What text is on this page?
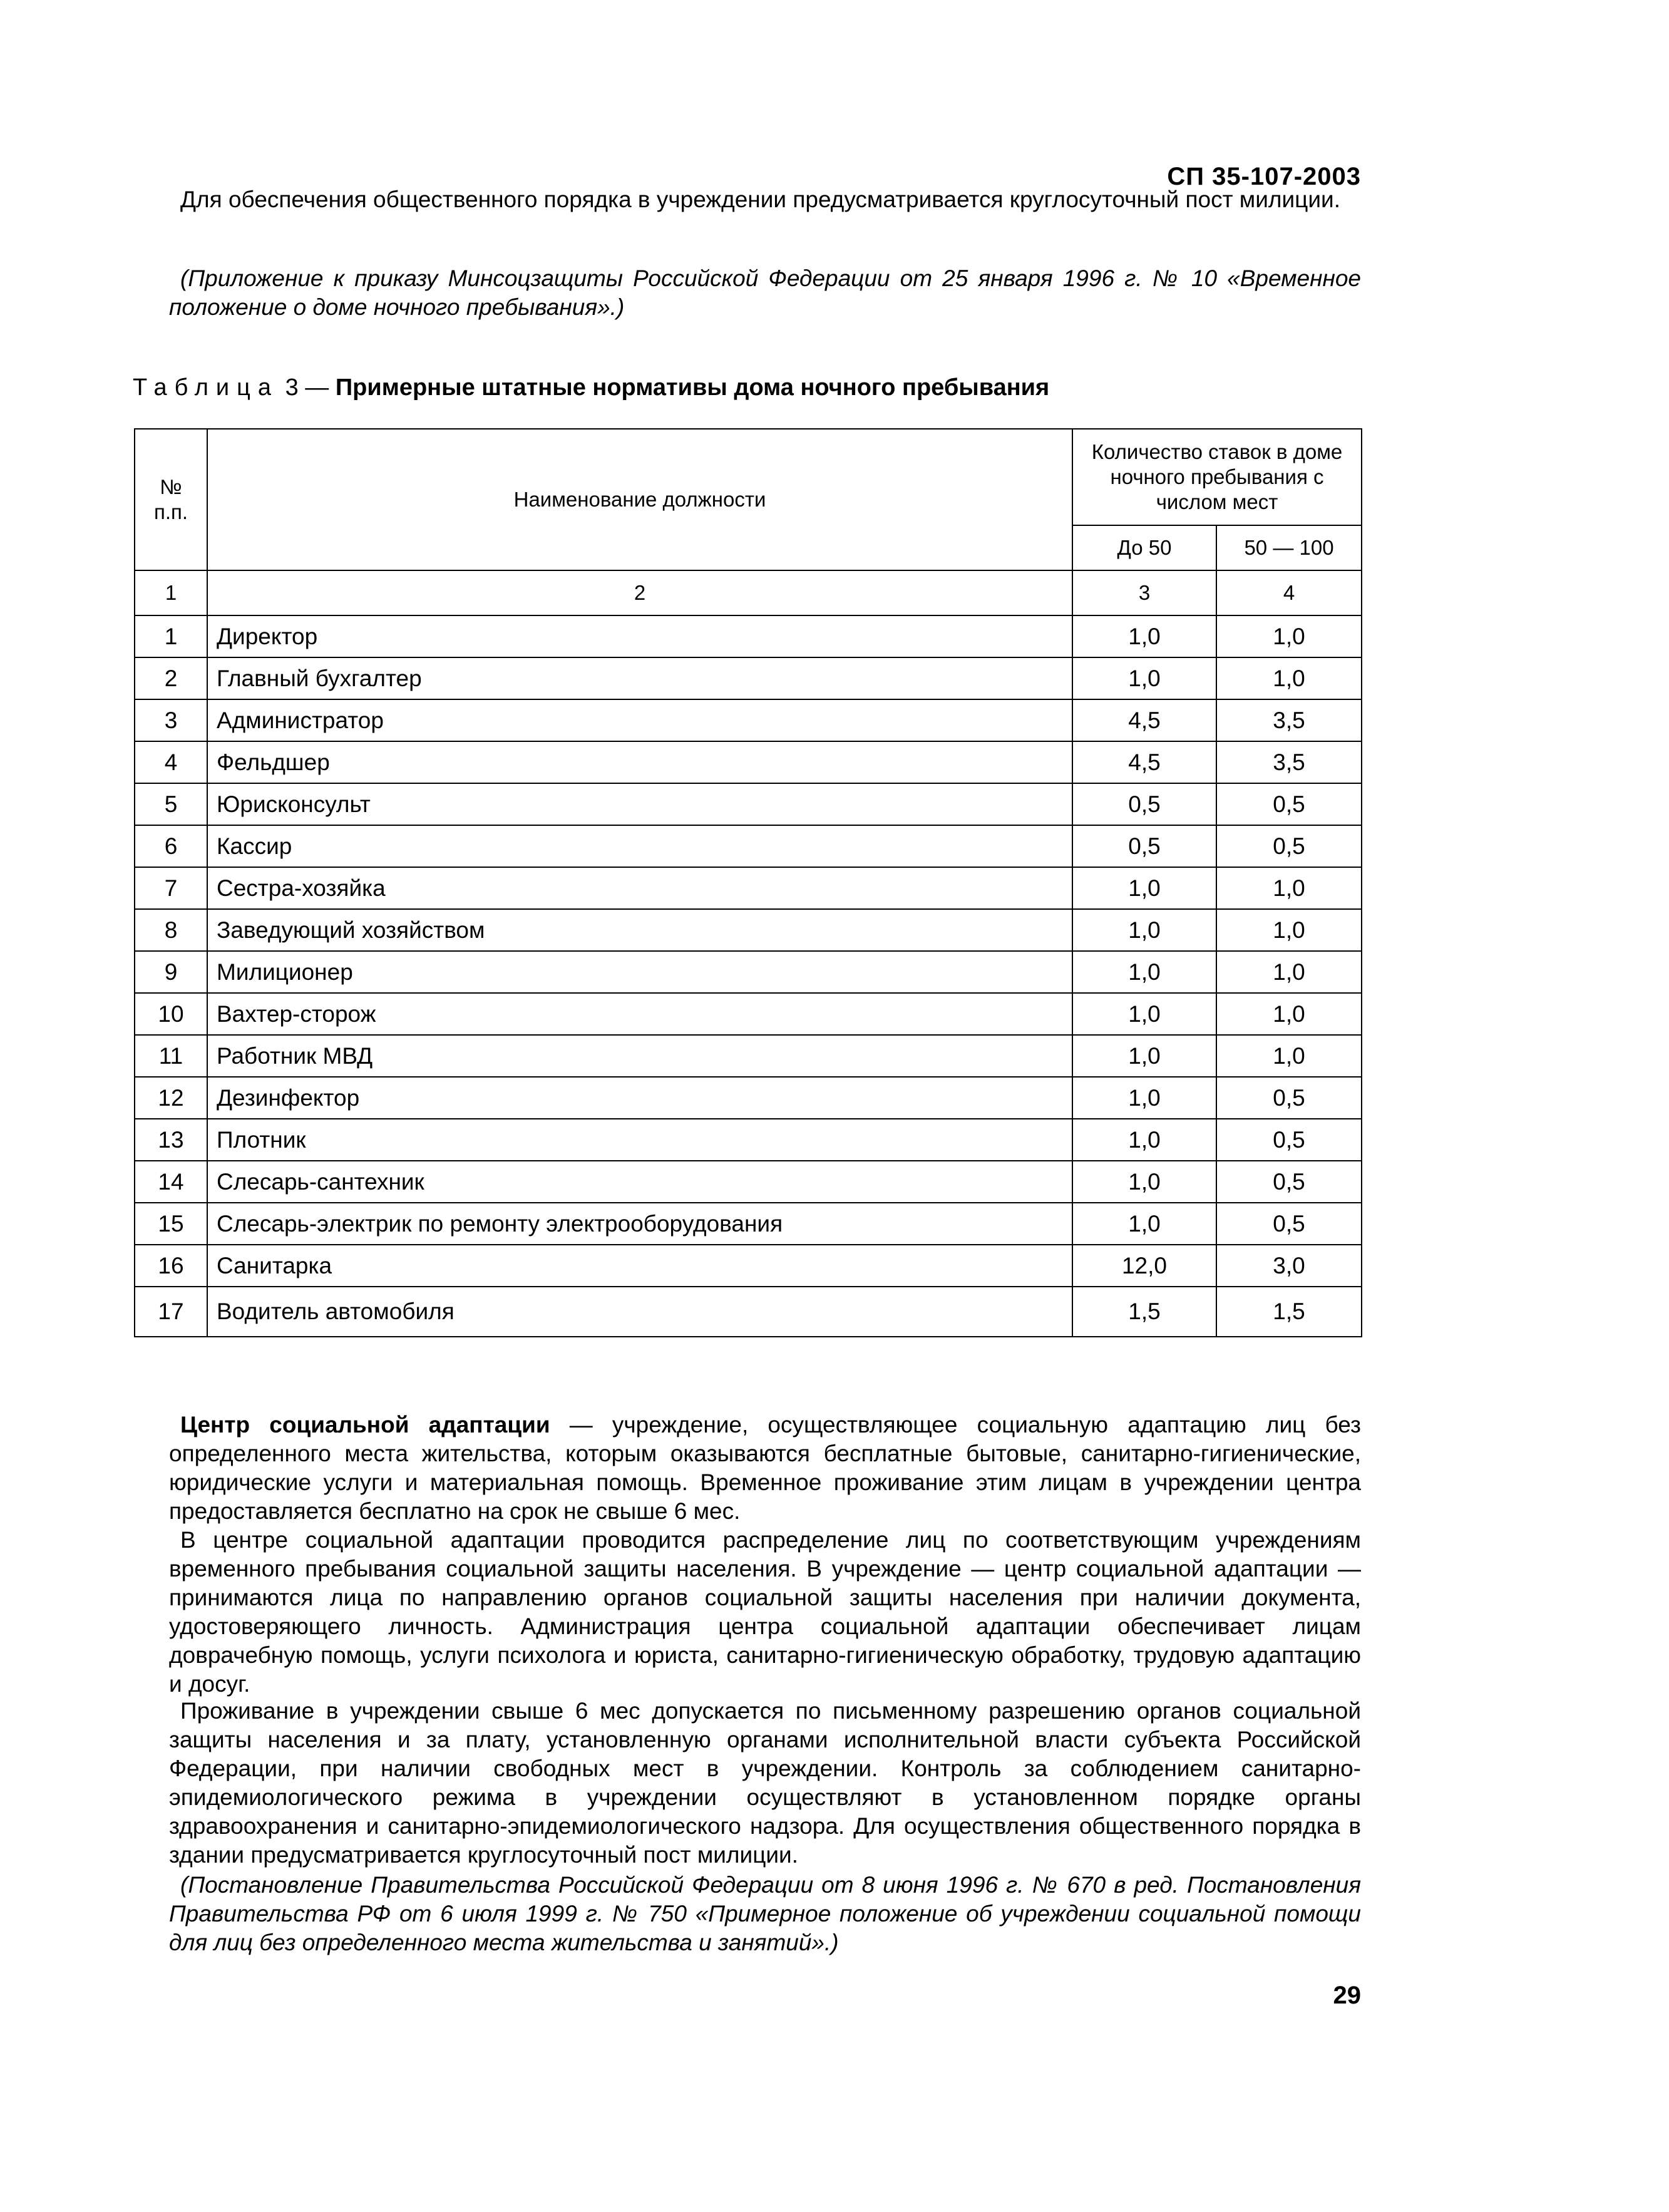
СП 35-107-2003

Для обеспечения общественного порядка в учреждении предусматривается круглосуточный пост милиции.

(Приложение к приказу Минсоцзащиты Российской Федерации от 25 января 1996 г. № 10 «Временное положение о доме ночного пребывания».)

Таблица 3 — Примерные штатные нормативы дома ночного пребывания
№ п.п.	Наименование должности	Количество ставок в доме ночного пребывания с числом мест	
		До 50	50 — 100
1	2	3	4
1	Директор	1,0	1,0
2	Главный бухгалтер	1,0	1,0
3	Администратор	4,5	3,5
4	Фельдшер	4,5	3,5
5	Юрисконсульт	0,5	0,5
6	Кассир	0,5	0,5
7	Сестра-хозяйка	1,0	1,0
8	Заведующий хозяйством	1,0	1,0
9	Милиционер	1,0	1,0
10	Вахтер-сторож	1,0	1,0
11	Работник МВД	1,0	1,0
12	Дезинфектор	1,0	0,5
13	Плотник	1,0	0,5
14	Слесарь-сантехник	1,0	0,5
15	Слесарь-электрик по ремонту электрооборудования	1,0	0,5
16	Санитарка	12,0	3,0
17	Водитель автомобиля	1,5	1,5

Центр социальной адаптации — учреждение, осуществляющее социальную адаптацию лиц без определенного места жительства, которым оказываются бесплатные бытовые, санитарно-гигиенические, юридические услуги и материальная помощь. Временное проживание этим лицам в учреждении центра предоставляется бесплатно на срок не свыше 6 мес.

В центре социальной адаптации проводится распределение лиц по соответствующим учреждениям временного пребывания социальной защиты населения. В учреждение — центр социальной адаптации — принимаются лица по направлению органов социальной защиты населения при наличии документа, удостоверяющего личность. Администрация центра социальной адаптации обеспечивает лицам доврачебную помощь, услуги психолога и юриста, санитарно-гигиеническую обработку, трудовую адаптацию и досуг.

Проживание в учреждении свыше 6 мес допускается по письменному разрешению органов социальной защиты населения и за плату, установленную органами исполнительной власти субъекта Российской Федерации, при наличии свободных мест в учреждении. Контроль за соблюдением санитарно-эпидемиологического режима в учреждении осуществляют в установленном порядке органы здравоохранения и санитарно-эпидемиологического надзора. Для осуществления общественного порядка в здании предусматривается круглосуточный пост милиции.

(Постановление Правительства Российской Федерации от 8 июня 1996 г. № 670 в ред. Постановления Правительства РФ от 6 июля 1999 г. № 750 «Примерное положение об учреждении социальной помощи для лиц без определенного места жительства и занятий».)

29
